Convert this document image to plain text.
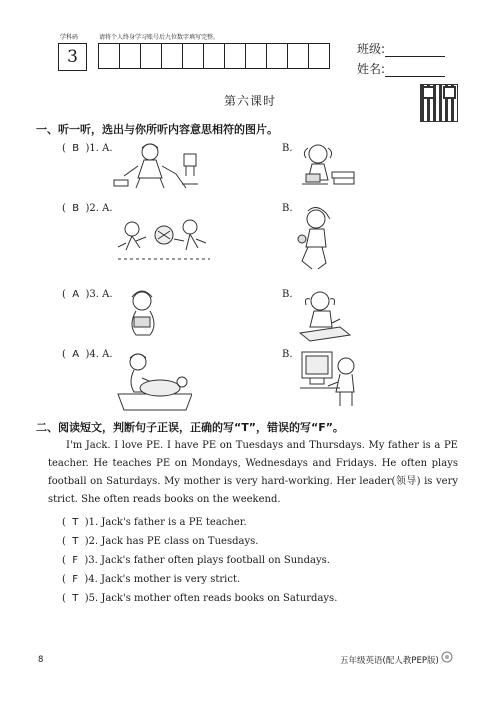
学科码	请将个人终身学习账号后九位数字填写完整。
3	班级:
姓名:
第六课时
一、听一听，选出与你所听内容意思相符的图片。
(  B  )1. A.	B.
(  B  )2. A.	B.
(  A  )3. A.	B.
(  A  )4. A.	B.
二、阅读短文，判断句子正误，正确的写“T”，错误的写“F”。
I'm Jack. I love PE. I have PE on Tuesdays and Thursdays. My father is a PE teacher. He teaches PE on Mondays, Wednesdays and Fridays. He often plays football on Saturdays. My mother is very hard-working. Her leader(领导) is very strict. She often reads books on the weekend.
(  T  )1. Jack's father is a PE teacher.
(  T  )2. Jack has PE class on Tuesdays.
(  F  )3. Jack's father often plays football on Sundays.
(  F  )4. Jack's mother is very strict.
(  T  )5. Jack's mother often reads books on Saturdays.
8	五年级英语(配人教PEP版)
